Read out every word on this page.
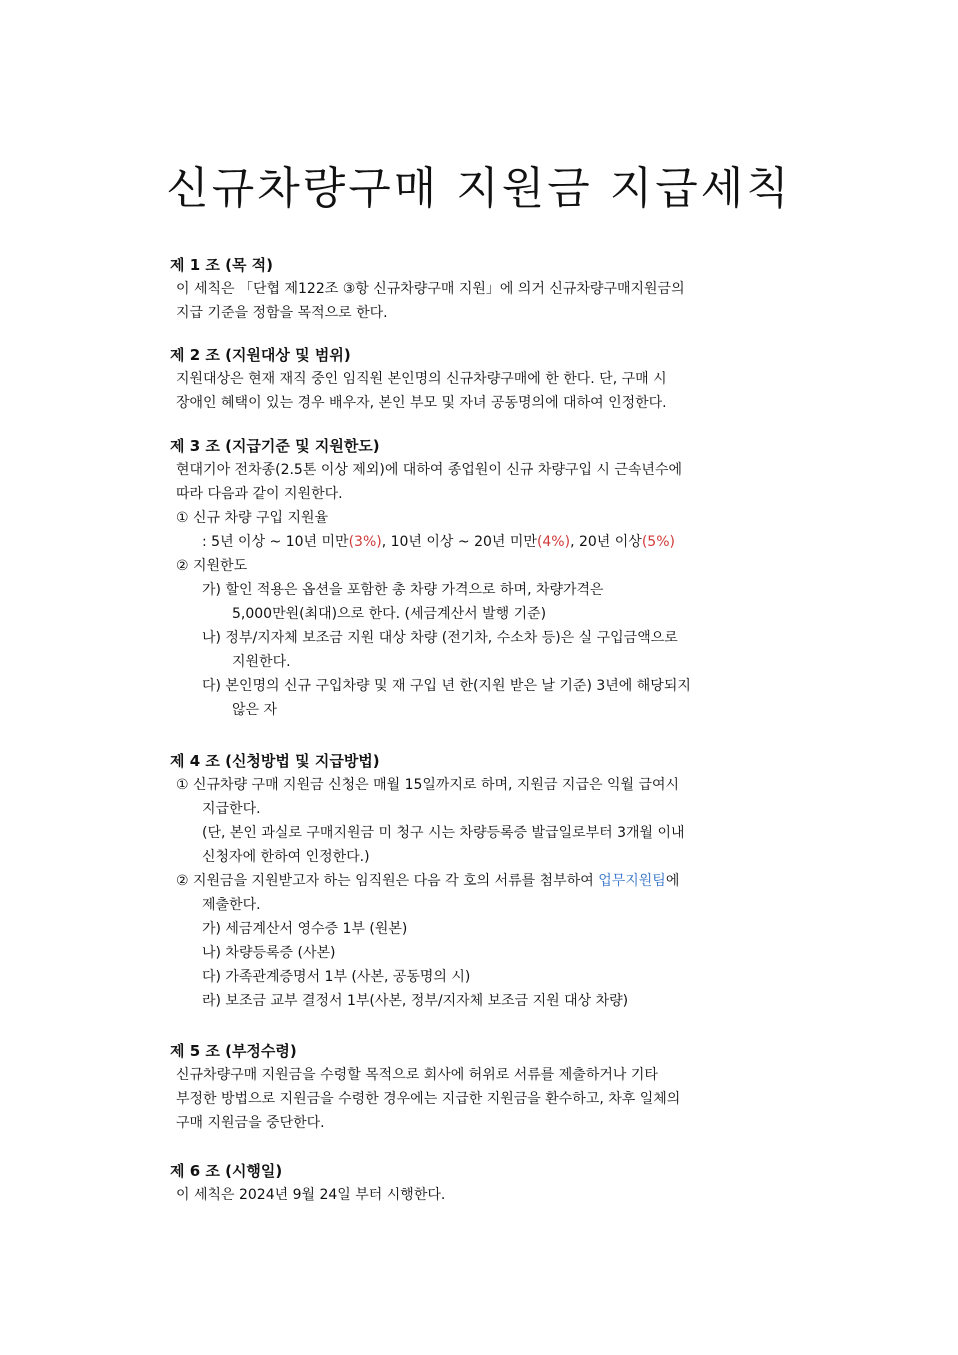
신규차량구매 지원금 지급세칙
제 1 조 (목 적)
이 세칙은 「단협 제122조 ③항 신규차량구매 지원」에 의거 신규차량구매지원금의
지급 기준을 정함을 목적으로 한다.
제 2 조 (지원대상 및 범위)
지원대상은 현재 재직 중인 임직원 본인명의 신규차량구매에 한 한다. 단, 구매 시
장애인 혜택이 있는 경우 배우자, 본인 부모 및 자녀 공동명의에 대하여 인정한다.
제 3 조 (지급기준 및 지원한도)
현대기아 전차종(2.5톤 이상 제외)에 대하여 종업원이 신규 차량구입 시 근속년수에
따라 다음과 같이 지원한다.
① 신규 차량 구입 지원율
: 5년 이상 ~ 10년 미만(3%), 10년 이상 ~ 20년 미만(4%), 20년 이상(5%)
② 지원한도
가) 할인 적용은 옵션을 포함한 총 차량 가격으로 하며, 차량가격은
5,000만원(최대)으로 한다. (세금계산서 발행 기준)
나) 정부/지자체 보조금 지원 대상 차량 (전기차, 수소차 등)은 실 구입금액으로
지원한다.
다) 본인명의 신규 구입차량 및 재 구입 년 한(지원 받은 날 기준) 3년에 해당되지
않은 자
제 4 조 (신청방법 및 지급방법)
① 신규차량 구매 지원금 신청은 매월 15일까지로 하며, 지원금 지급은 익월 급여시
지급한다.
(단, 본인 과실로 구매지원금 미 청구 시는 차량등록증 발급일로부터 3개월 이내
신청자에 한하여 인정한다.)
② 지원금을 지원받고자 하는 임직원은 다음 각 호의 서류를 첨부하여 업무지원팀에
제출한다.
가) 세금계산서 영수증 1부 (원본)
나) 차량등록증 (사본)
다) 가족관계증명서 1부 (사본, 공동명의 시)
라) 보조금 교부 결정서 1부(사본, 정부/지자체 보조금 지원 대상 차량)
제 5 조 (부정수령)
신규차량구매 지원금을 수령할 목적으로 회사에 허위로 서류를 제출하거나 기타
부정한 방법으로 지원금을 수령한 경우에는 지급한 지원금을 환수하고, 차후 일체의
구매 지원금을 중단한다.
제 6 조 (시행일)
이 세칙은 2024년 9월 24일 부터 시행한다.
